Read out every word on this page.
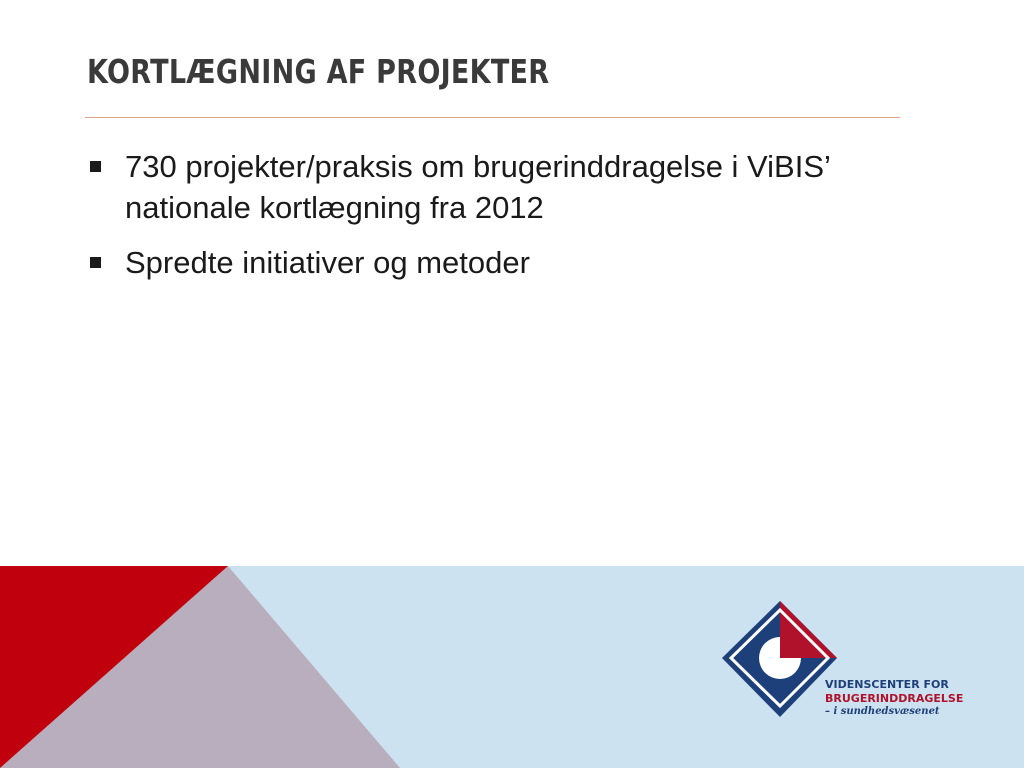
KORTLÆGNING AF PROJEKTER
730 projekter/praksis om brugerinddragelse i ViBIS’ nationale kortlægning fra 2012
Spredte initiativer og metoder
VIDENSCENTER FOR
BRUGERINDDRAGELSE
– i sundhedsvæsenet
